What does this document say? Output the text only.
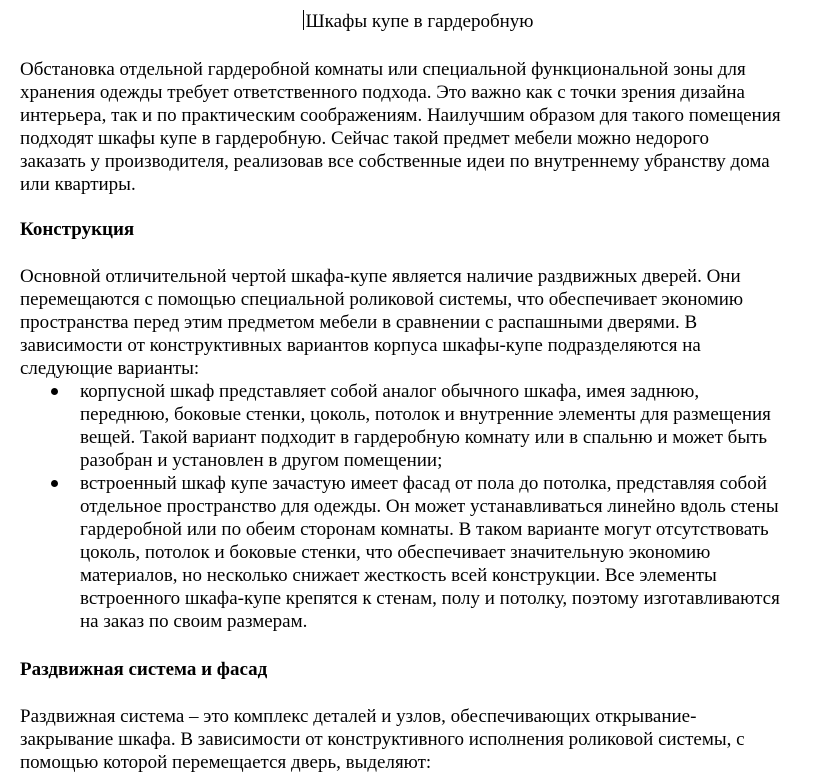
Шкафы купе в гардеробную
Обстановка отдельной гардеробной комнаты или специальной функциональной зоны для
хранения одежды требует ответственного подхода. Это важно как с точки зрения дизайна
интерьера, так и по практическим соображениям. Наилучшим образом для такого помещения
подходят шкафы купе в гардеробную. Сейчас такой предмет мебели можно недорого
заказать у производителя, реализовав все собственные идеи по внутреннему убранству дома
или квартиры.
Конструкция
Основной отличительной чертой шкафа-купе является наличие раздвижных дверей. Они
перемещаются с помощью специальной роликовой системы, что обеспечивает экономию
пространства перед этим предметом мебели в сравнении с распашными дверями. В
зависимости от конструктивных вариантов корпуса шкафы-купе подразделяются на
следующие варианты:
корпусной шкаф представляет собой аналог обычного шкафа, имея заднюю,
переднюю, боковые стенки, цоколь, потолок и внутренние элементы для размещения
вещей. Такой вариант подходит в гардеробную комнату или в спальню и может быть
разобран и установлен в другом помещении;
встроенный шкаф купе зачастую имеет фасад от пола до потолка, представляя собой
отдельное пространство для одежды. Он может устанавливаться линейно вдоль стены
гардеробной или по обеим сторонам комнаты. В таком варианте могут отсутствовать
цоколь, потолок и боковые стенки, что обеспечивает значительную экономию
материалов, но несколько снижает жесткость всей конструкции. Все элементы
встроенного шкафа-купе крепятся к стенам, полу и потолку, поэтому изготавливаются
на заказ по своим размерам.
Раздвижная система и фасад
Раздвижная система – это комплекс деталей и узлов, обеспечивающих открывание-
закрывание шкафа. В зависимости от конструктивного исполнения роликовой системы, с
помощью которой перемещается дверь, выделяют:
